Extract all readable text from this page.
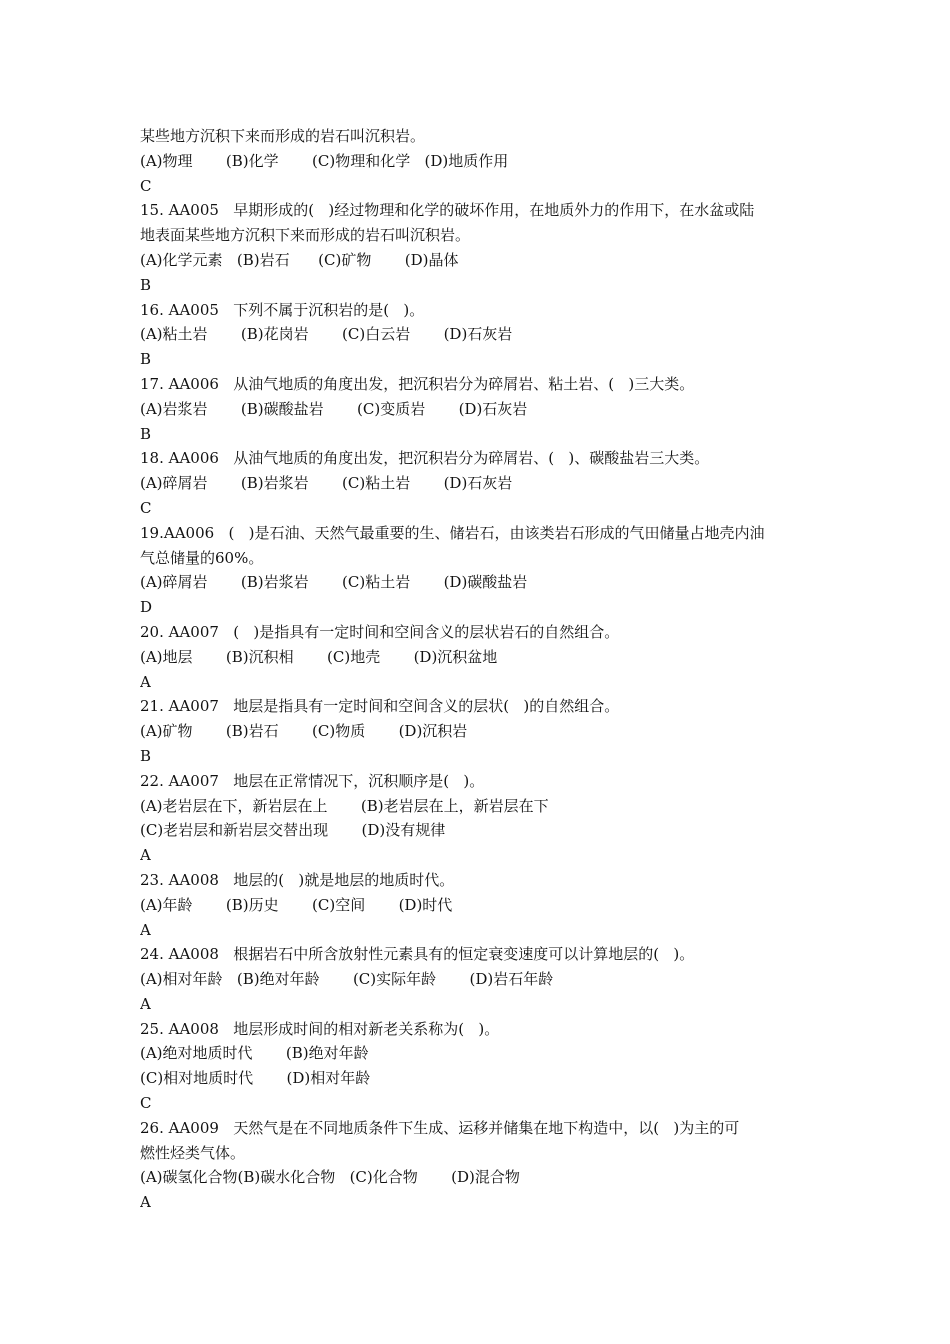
某些地方沉积下来而形成的岩石叫沉积岩。
(A)物理       (B)化学       (C)物理和化学   (D)地质作用
C
15. AA005   早期形成的(   )经过物理和化学的破坏作用，在地质外力的作用下，在水盆或陆
地表面某些地方沉积下来而形成的岩石叫沉积岩。
(A)化学元素   (B)岩石      (C)矿物       (D)晶体
B
16. AA005   下列不属于沉积岩的是(   )。
(A)粘土岩       (B)花岗岩       (C)白云岩       (D)石灰岩
B
17. AA006   从油气地质的角度出发，把沉积岩分为碎屑岩、粘土岩、(   )三大类。
(A)岩浆岩       (B)碳酸盐岩       (C)变质岩       (D)石灰岩
B
18. AA006   从油气地质的角度出发，把沉积岩分为碎屑岩、(   )、碳酸盐岩三大类。
(A)碎屑岩       (B)岩浆岩       (C)粘土岩       (D)石灰岩
C
19.AA006   (   )是石油、天然气最重要的生、储岩石，由该类岩石形成的气田储量占地壳内油
气总储量的60%。
(A)碎屑岩       (B)岩浆岩       (C)粘土岩       (D)碳酸盐岩
D
20. AA007   (   )是指具有一定时间和空间含义的层状岩石的自然组合。
(A)地层       (B)沉积相       (C)地壳       (D)沉积盆地
A
21. AA007   地层是指具有一定时间和空间含义的层状(   )的自然组合。
(A)矿物       (B)岩石       (C)物质       (D)沉积岩
B
22. AA007   地层在正常情况下，沉积顺序是(   )。
(A)老岩层在下，新岩层在上       (B)老岩层在上，新岩层在下
(C)老岩层和新岩层交替出现       (D)没有规律
A
23. AA008   地层的(   )就是地层的地质时代。
(A)年龄       (B)历史       (C)空间       (D)时代
A
24. AA008   根据岩石中所含放射性元素具有的恒定衰变速度可以计算地层的(   )。
(A)相对年龄   (B)绝对年龄       (C)实际年龄       (D)岩石年龄
A
25. AA008   地层形成时间的相对新老关系称为(   )。
(A)绝对地质时代       (B)绝对年龄
(C)相对地质时代       (D)相对年龄
C
26. AA009   天然气是在不同地质条件下生成、运移并储集在地下构造中，以(   )为主的可
燃性烃类气体。
(A)碳氢化合物(B)碳水化合物   (C)化合物       (D)混合物
A
